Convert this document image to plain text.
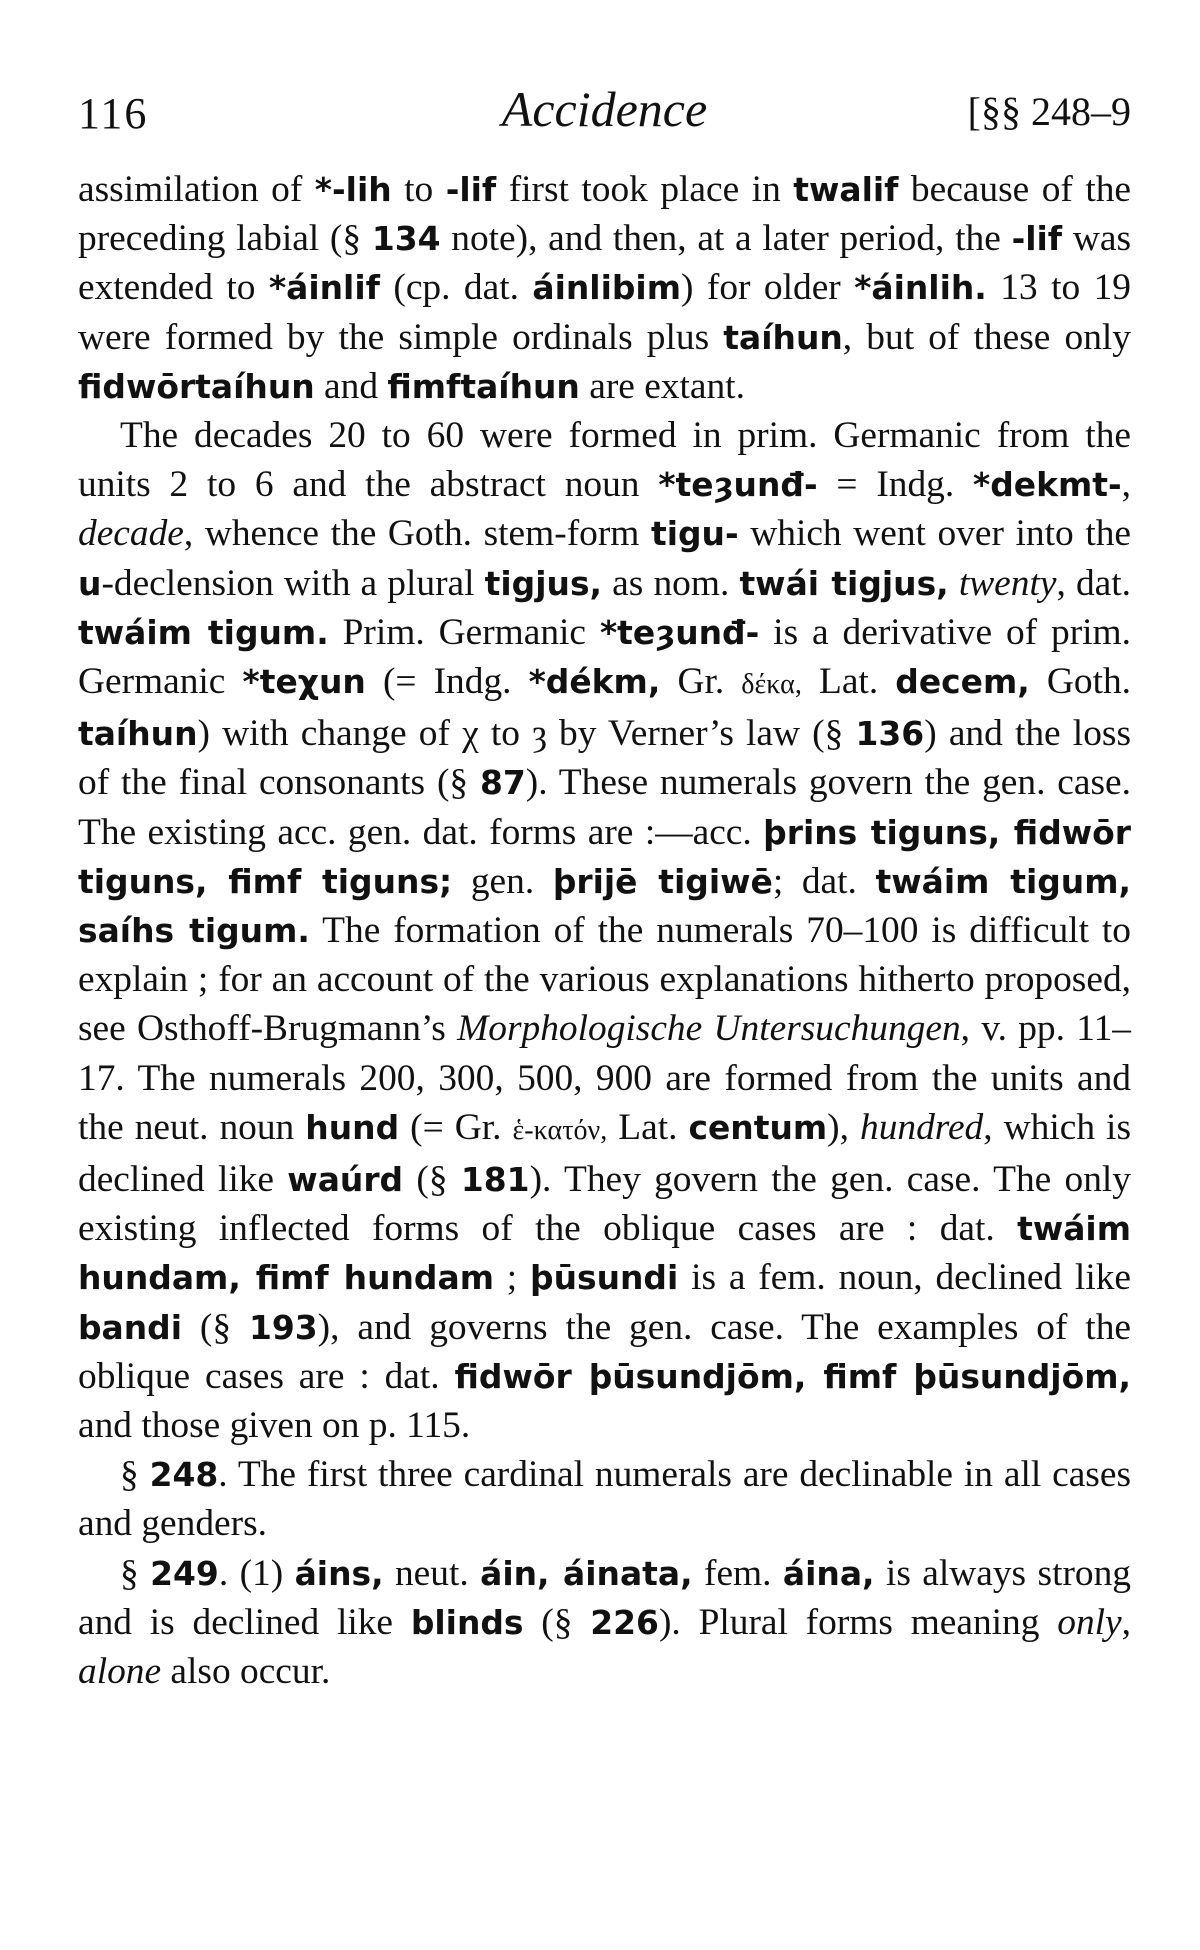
116	Accidence	[§§ 248–9

assimilation of *-lih to -lif first took place in twalif because of the preceding labial (§ 134 note), and then, at a later period, the -lif was extended to *áinlif (cp. dat. áinlibim) for older *áinlih. 13 to 19 were formed by the simple ordinals plus taíhun, but of these only fidwōrtaíhun and fimftaíhun are extant.

The decades 20 to 60 were formed in prim. Germanic from the units 2 to 6 and the abstract noun *teȝunđ- = Indg. *dekmt-, decade, whence the Goth. stem-form tigu- which went over into the u-declension with a plural tigjus, as nom. twái tigjus, twenty, dat. twáim tigum. Prim. Germanic *teȝunđ- is a derivative of prim. Germanic *teχun (= Indg. *dékm, Gr. δέκα, Lat. decem, Goth. taíhun) with change of χ to ȝ by Verner’s law (§ 136) and the loss of the final consonants (§ 87). These numerals govern the gen. case. The existing acc. gen. dat. forms are :—acc. þrins tiguns, fidwōr tiguns, fimf tiguns; gen. þrijē tigiwē; dat. twáim tigum, saíhs tigum. The formation of the numerals 70–100 is difficult to explain ; for an account of the various explanations hitherto proposed, see Osthoff-Brugmann’s Morphologische Untersuchungen, v. pp. 11–17. The numerals 200, 300, 500, 900 are formed from the units and the neut. noun hund (= Gr. ἑ-κατόν, Lat. centum), hundred, which is declined like waúrd (§ 181). They govern the gen. case. The only existing inflected forms of the oblique cases are : dat. twáim hundam, fimf hundam ; þūsundi is a fem. noun, declined like bandi (§ 193), and governs the gen. case. The examples of the oblique cases are : dat. fidwōr þūsundjōm, fimf þūsundjōm, and those given on p. 115.

§ 248. The first three cardinal numerals are declinable in all cases and genders.

§ 249. (1) áins, neut. áin, áinata, fem. áina, is always strong and is declined like blinds (§ 226). Plural forms meaning only, alone also occur.
